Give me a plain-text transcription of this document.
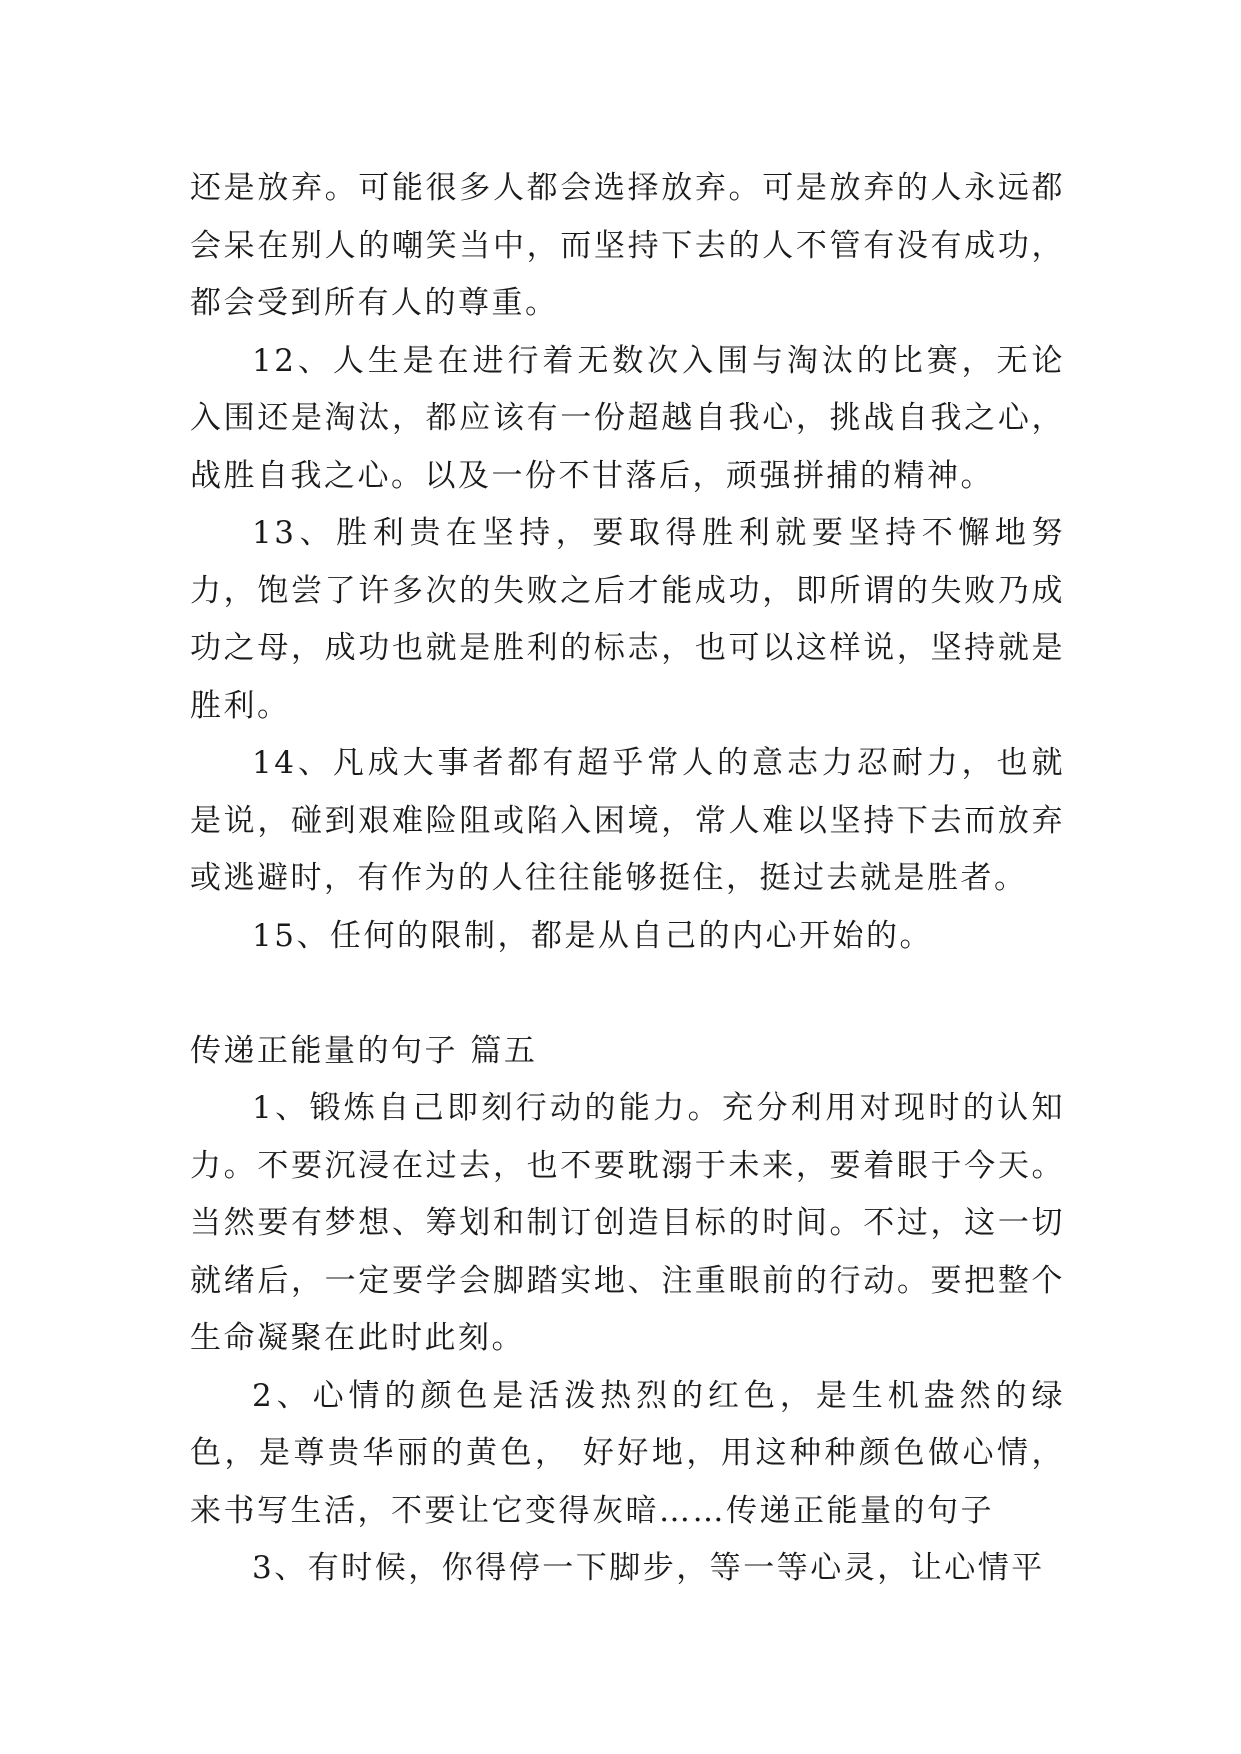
还是放弃。可能很多人都会选择放弃。可是放弃的人永远都会呆在别人的嘲笑当中，而坚持下去的人不管有没有成功，都会受到所有人的尊重。

12、人生是在进行着无数次入围与淘汰的比赛，无论入围还是淘汰，都应该有一份超越自我心，挑战自我之心，战胜自我之心。以及一份不甘落后，顽强拼捕的精神。

13、胜利贵在坚持，要取得胜利就要坚持不懈地努力，饱尝了许多次的失败之后才能成功，即所谓的失败乃成功之母，成功也就是胜利的标志，也可以这样说，坚持就是胜利。

14、凡成大事者都有超乎常人的意志力忍耐力，也就是说，碰到艰难险阻或陷入困境，常人难以坚持下去而放弃或逃避时，有作为的人往往能够挺住，挺过去就是胜者。

15、任何的限制，都是从自己的内心开始的。

传递正能量的句子 篇五

1、锻炼自己即刻行动的能力。充分利用对现时的认知力。不要沉浸在过去，也不要耽溺于未来，要着眼于今天。当然要有梦想、筹划和制订创造目标的时间。不过，这一切就绪后，一定要学会脚踏实地、注重眼前的行动。要把整个生命凝聚在此时此刻。

2、心情的颜色是活泼热烈的红色，是生机盎然的绿色，是尊贵华丽的黄色， 好好地，用这种种颜色做心情，来书写生活，不要让它变得灰暗……传递正能量的句子

3、有时候，你得停一下脚步，等一等心灵，让心情平
